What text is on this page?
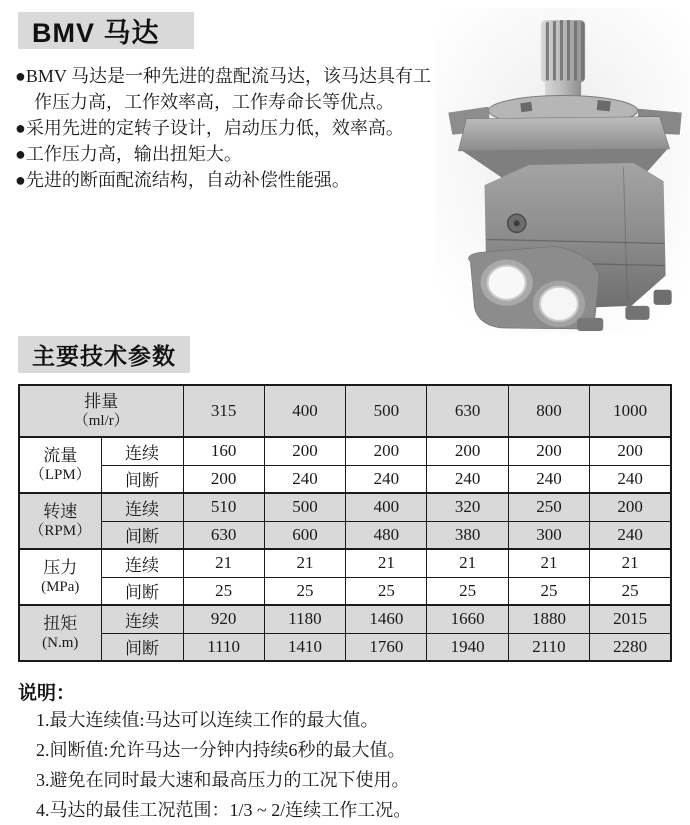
BMV 马达
●BMV 马达是一种先进的盘配流马达，该马达具有工作压力高，工作效率高，工作寿命长等优点。
●采用先进的定转子设计，启动压力低，效率高。
●工作压力高，输出扭矩大。
●先进的断面配流结构，自动补偿性能强。
主要技术参数
排量
（ml/r）		315	400	500	630	800	1000

流量
（LPM）	连续	160	200	200	200	200	200
	间断	200	240	240	240	240	240

转速
（RPM）	连续	510	500	400	320	250	200
	间断	630	600	480	380	300	240

压力
(MPa)	连续	21	21	21	21	21	21
	间断	25	25	25	25	25	25

扭矩
(N.m)	连续	920	1180	1460	1660	1880	2015
	间断	1110	1410	1760	1940	2110	2280
说明：
1.最大连续值:马达可以连续工作的最大值。
2.间断值:允许马达一分钟内持续6秒的最大值。
3.避免在同时最大速和最高压力的工况下使用。
4.马达的最佳工况范围：1/3 ~ 2/连续工作工况。
